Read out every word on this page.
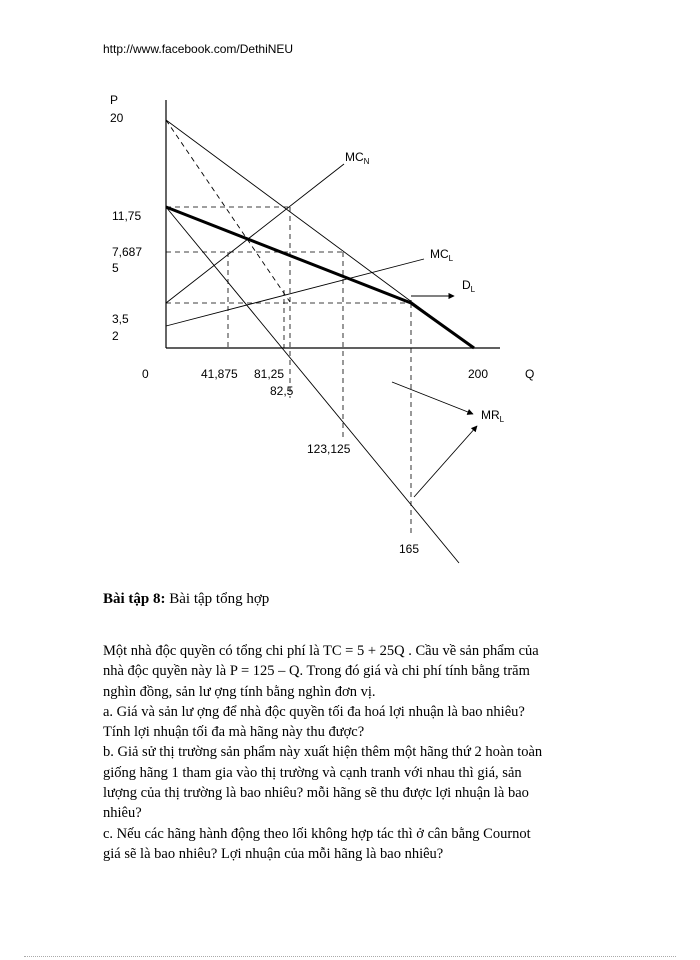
http://www.facebook.com/DethiNEU
P
Q
20
11,75
7,687
5
3,5
2
0	41,875 81,25
82,5
123,125
165
200
$MC_N$
$MC_L$
$D_L$
$MR_L$
Bài tập 8: Bài tập tổng hợp

Một nhà độc quyền có tổng chi phí là TC = 5 + 25Q . Cầu về sản phẩm của

nhà độc quyền này là P = 125 – Q. Trong đó giá và chi phí tính bằng trăm

nghìn đồng, sản lư ợng tính bằng nghìn đơn vị.

a. Giá và sản lư ợng để nhà độc quyền tối đa hoá lợi nhuận là bao nhiêu?

Tính lợi nhuận tối đa mà hãng này thu được?

b. Giả sử thị trường sản phẩm này xuất hiện thêm một hãng thứ 2 hoàn toàn

giống hãng 1 tham gia vào thị trường và cạnh tranh với nhau thì giá, sản

lượng của thị trường là bao nhiêu? mỗi hãng sẽ thu được lợi nhuận là bao

nhiêu?

c. Nếu các hãng hành động theo lối không hợp tác thì ở cân bằng Cournot

giá sẽ là bao nhiêu? Lợi nhuận của mỗi hãng là bao nhiêu?
